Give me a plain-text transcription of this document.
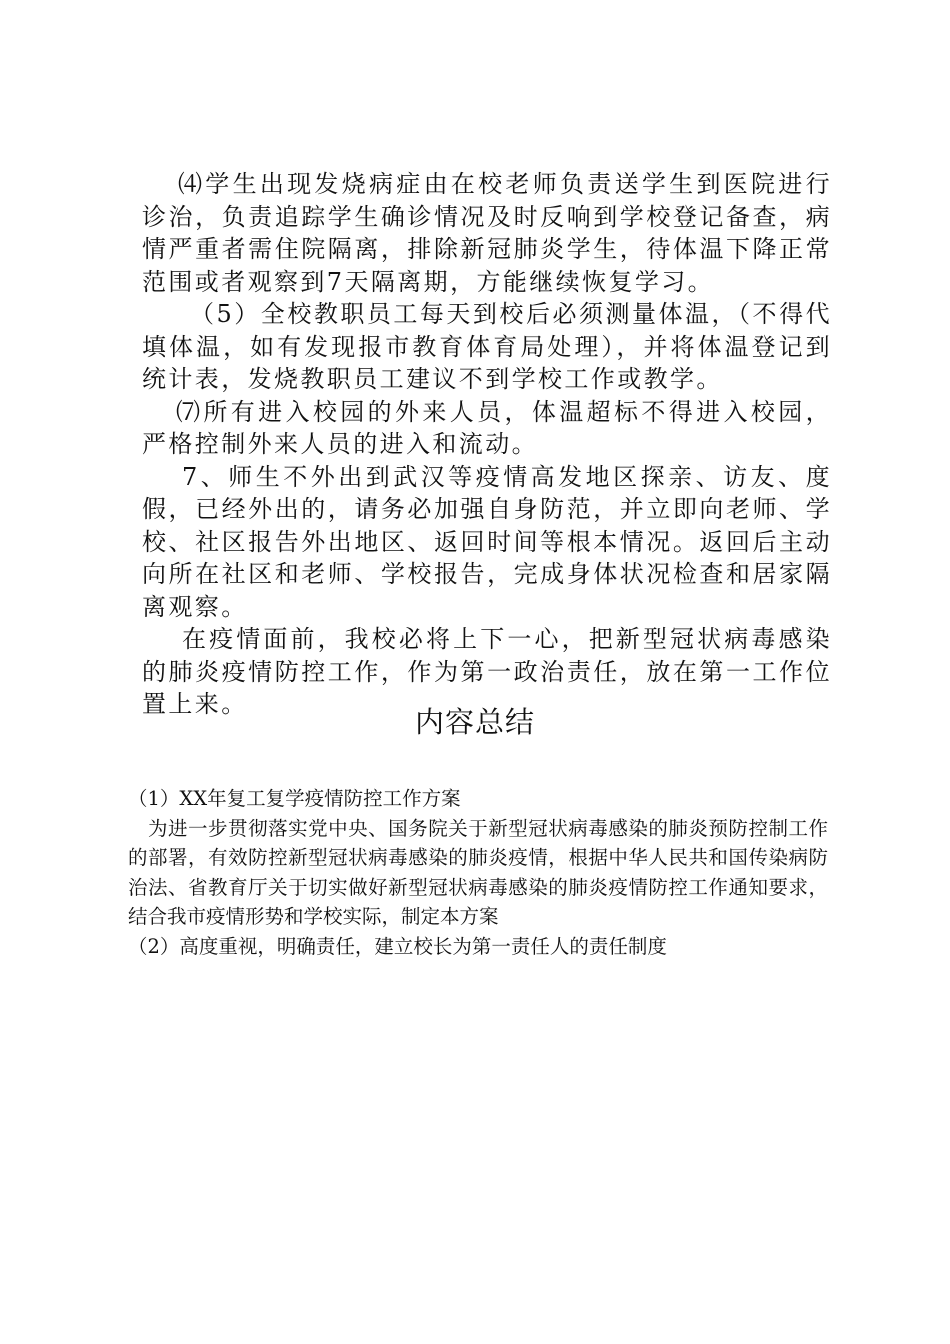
⑷学生出现发烧病症由在校老师负责送学生到医院进行诊治，负责追踪学生确诊情况及时反响到学校登记备查，病情严重者需住院隔离，排除新冠肺炎学生，待体温下降正常范围或者观察到7天隔离期，方能继续恢复学习。

（5）全校教职员工每天到校后必须测量体温，（不得代填体温，如有发现报市教育体育局处理），并将体温登记到统计表，发烧教职员工建议不到学校工作或教学。

⑺所有进入校园的外来人员，体温超标不得进入校园，严格控制外来人员的进入和流动。

7、师生不外出到武汉等疫情高发地区探亲、访友、度假，已经外出的，请务必加强自身防范，并立即向老师、学校、社区报告外出地区、返回时间等根本情况。返回后主动向所在社区和老师、学校报告，完成身体状况检查和居家隔离观察。

在疫情面前，我校必将上下一心，把新型冠状病毒感染的肺炎疫情防控工作，作为第一政治责任，放在第一工作位置上来。

内容总结

（1）XX年复工复学疫情防控工作方案

为进一步贯彻落实党中央、国务院关于新型冠状病毒感染的肺炎预防控制工作的部署，有效防控新型冠状病毒感染的肺炎疫情，根据中华人民共和国传染病防治法、省教育厅关于切实做好新型冠状病毒感染的肺炎疫情防控工作通知要求，结合我市疫情形势和学校实际，制定本方案

（2）高度重视，明确责任，建立校长为第一责任人的责任制度
